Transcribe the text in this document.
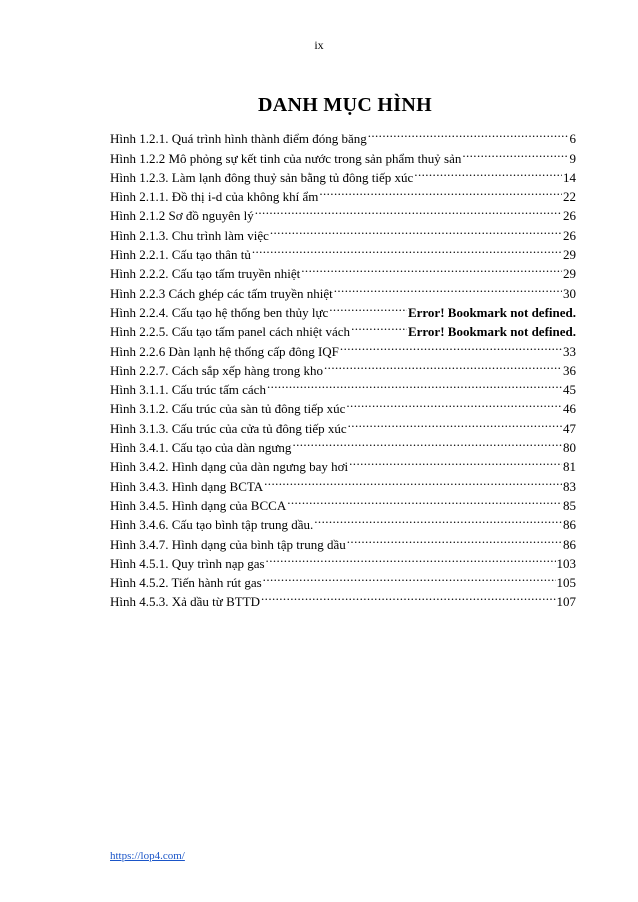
ix
DANH MỤC HÌNH
Hình 1.2.1. Quá trình hình thành điểm đóng băng .....	6
Hình 1.2.2 Mô phỏng sự kết tinh của nước trong sản phẩm thuỷ sản .....	9
Hình 1.2.3. Làm lạnh đông thuỷ sản bằng tủ đông tiếp xúc .....	14
Hình 2.1.1. Đồ thị i-d của không khí ẩm .....	22
Hình 2.1.2 Sơ đồ nguyên lý .....	26
Hình 2.1.3. Chu trình làm việc .....	26
Hình 2.2.1. Cấu tạo thân tủ .....	29
Hình 2.2.2. Cấu tạo tấm truyền nhiệt .....	29
Hình 2.2.3 Cách ghép các tấm truyền nhiệt .....	30
Hình 2.2.4. Cấu tạo hệ thống ben thủy lực .....	Error! Bookmark not defined.
Hình 2.2.5. Cấu tạo tấm panel cách nhiệt vách .....	Error! Bookmark not defined.
Hình 2.2.6 Dàn lạnh hệ thống cấp đông IQF .....	33
Hình 2.2.7. Cách sắp xếp hàng trong kho .....	36
Hình 3.1.1. Cấu trúc tấm cách .....	45
Hình 3.1.2. Cấu trúc của sàn tủ đông tiếp xúc .....	46
Hình 3.1.3. Cấu trúc của cửa tủ đông tiếp xúc .....	47
Hình 3.4.1. Cấu tạo của dàn ngưng .....	80
Hình 3.4.2. Hình dạng của dàn ngưng bay hơi .....	81
Hình 3.4.3. Hình dạng BCTA .....	83
Hình 3.4.5. Hình dạng của BCCA .....	85
Hình 3.4.6. Cấu tạo bình tập trung dầu. .....	86
Hình 3.4.7. Hình dạng của bình tập trung dầu .....	86
Hình 4.5.1. Quy trình nạp gas .....	103
Hình 4.5.2. Tiến hành rút gas .....	105
Hình 4.5.3. Xả dầu từ BTTD .....	107
https://lop4.com/
